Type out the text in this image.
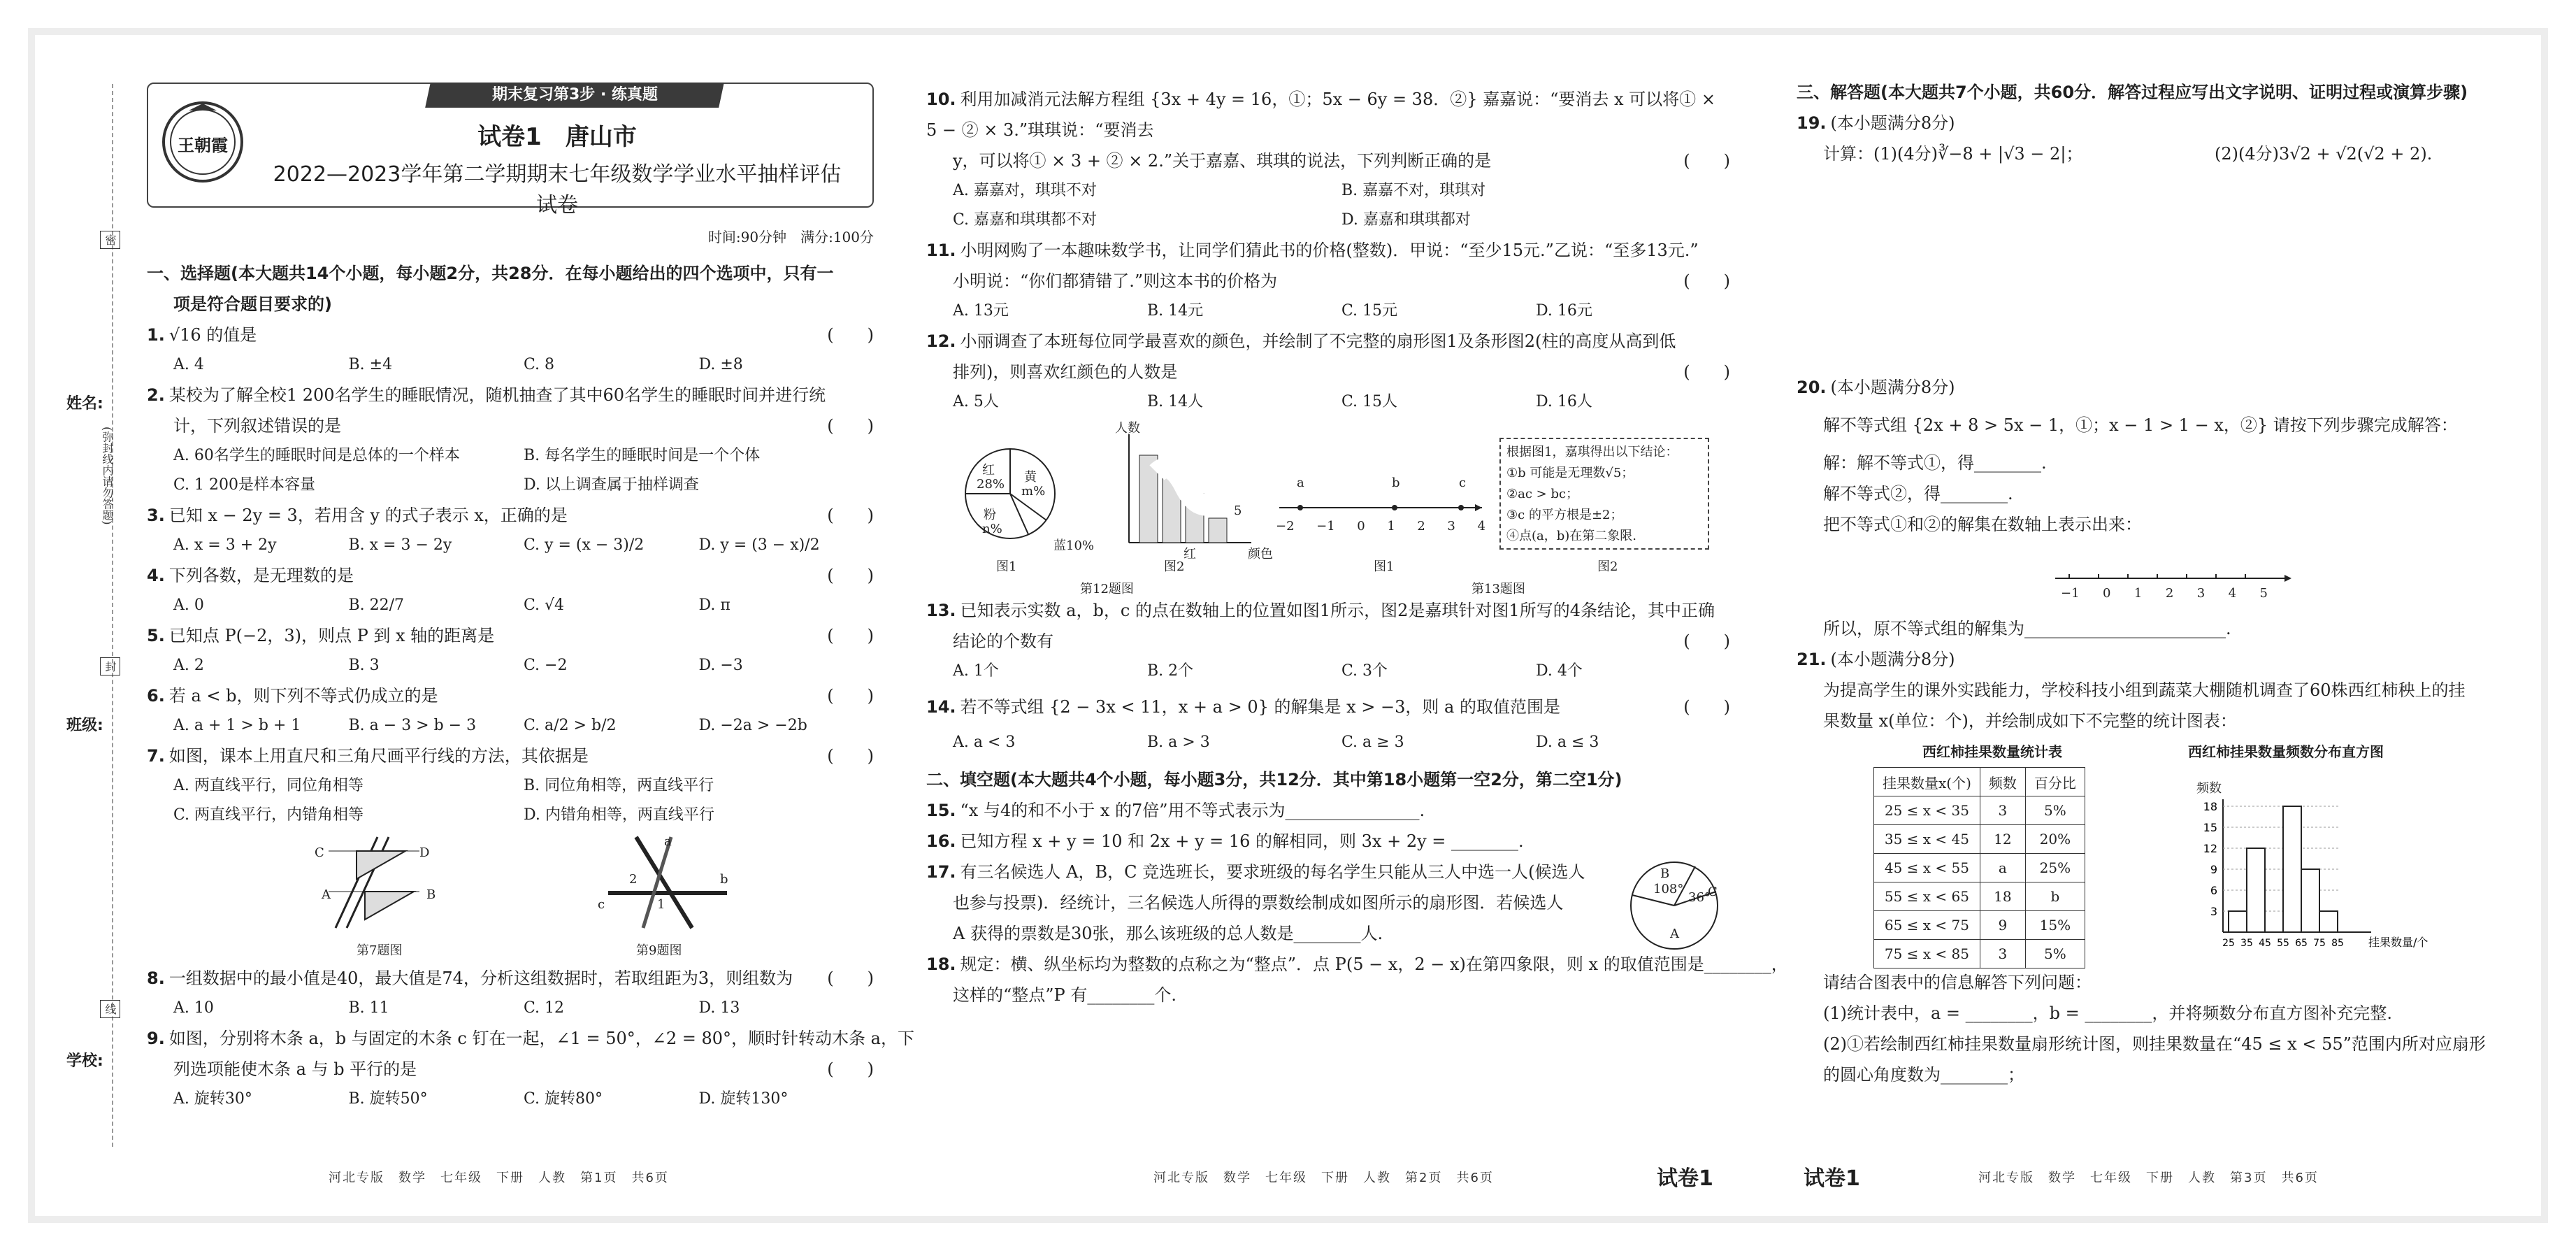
姓名:
班级:
学校:
密
封
线
(弥封线内请勿答题)
王朝霞
期末复习第3步 · 练真题
试卷1　唐山市
2022—2023学年第二学期期末七年级数学学业水平抽样评估试卷
时间:90分钟　满分:100分
一、选择题(本大题共14个小题，每小题2分，共28分．在每小题给出的四个选项中，只有一
项是符合题目要求的)
1. √16 的值是	(　　)
A. 4	B. ±4	C. 8	D. ±8
2. 某校为了解全校1 200名学生的睡眠情况，随机抽查了其中60名学生的睡眠时间并进行统
计，下列叙述错误的是	(　　)
A. 60名学生的睡眠时间是总体的一个样本	B. 每名学生的睡眠时间是一个个体
C. 1 200是样本容量	D. 以上调查属于抽样调查
3. 已知 x − 2y = 3，若用含 y 的式子表示 x，正确的是	(　　)
A. x = 3 + 2y	B. x = 3 − 2y	C. y = (x − 3)/2	D. y = (3 − x)/2
4. 下列各数，是无理数的是	(　　)
A. 0	B. 22/7	C. √4	D. π
5. 已知点 P(−2，3)，则点 P 到 x 轴的距离是	(　　)
A. 2	B. 3	C. −2	D. −3
6. 若 a < b，则下列不等式仍成立的是	(　　)
A. a + 1 > b + 1	B. a − 3 > b − 3	C. a/2 > b/2	D. −2a > −2b
7. 如图，课本上用直尺和三角尺画平行线的方法，其依据是	(　　)
A. 两直线平行，同位角相等	B. 同位角相等，两直线平行
C. 两直线平行，内错角相等	D. 内错角相等，两直线平行
C	D
A	B
第7题图
a
b
c	1
2
第9题图
8. 一组数据中的最小值是40，最大值是74，分析这组数据时，若取组距为3，则组数为 (　　)
A. 10	B. 11	C. 12	D. 13
9. 如图，分别将木条 a，b 与固定的木条 c 钉在一起，∠1 = 50°，∠2 = 80°，顺时针转动木条 a，下
列选项能使木条 a 与 b 平行的是	(　　)
A. 旋转30°	B. 旋转50°	C. 旋转80°	D. 旋转130°
河北专版　数学　七年级　下册　人教　第1页　共6页
10. 利用加减消元法解方程组 {3x + 4y = 16，①；5x − 6y = 38．②} 嘉嘉说：“要消去 x 可以将① × 5 − ② × 3.”琪琪说：“要消去
y，可以将① × 3 + ② × 2.”关于嘉嘉、琪琪的说法，下列判断正确的是	(　　)
A. 嘉嘉对，琪琪不对	B. 嘉嘉不对，琪琪对
C. 嘉嘉和琪琪都不对	D. 嘉嘉和琪琪都对
11. 小明网购了一本趣味数学书，让同学们猜此书的价格(整数)．甲说：“至少15元.”乙说：“至多13元.”
小明说：“你们都猜错了.”则这本书的价格为	(　　)
A. 13元	B. 14元	C. 15元	D. 16元
12. 小丽调查了本班每位同学最喜欢的颜色，并绘制了不完整的扇形图1及条形图2(柱的高度从高到低
排列)，则喜欢红颜色的人数是	(　　)
A. 5人	B. 14人	C. 15人	D. 16人
红
28% 黄
m%
粉
n%
蓝10%
图1
人数
5
红	颜色
图2
第12题图
a	b	c
−2 −1 0 1 2 3 4
图1
根据图1，嘉琪得出以下结论：
①b 可能是无理数√5；
②ac > bc；
③c 的平方根是±2；
④点(a，b)在第二象限.
图2
第13题图
13. 已知表示实数 a，b，c 的点在数轴上的位置如图1所示，图2是嘉琪针对图1所写的4条结论，其中正确
结论的个数有	(　　)
A. 1个	B. 2个	C. 3个	D. 4个
14. 若不等式组 {2 − 3x < 11，x + a > 0} 的解集是 x > −3，则 a 的取值范围是	(　　)
A. a < 3	B. a > 3	C. a ≥ 3	D. a ≤ 3
二、填空题(本大题共4个小题，每小题3分，共12分．其中第18小题第一空2分，第二空1分)
15. “x 与4的和不小于 x 的7倍”用不等式表示为________________.
16. 已知方程 x + y = 10 和 2x + y = 16 的解相同，则 3x + 2y = ________.
17. 有三名候选人 A，B，C 竞选班长，要求班级的每名学生只能从三人中选一人(候选人
也参与投票)．经统计，三名候选人所得的票数绘制成如图所示的扇形图．若候选人
A 获得的票数是30张，那么该班级的总人数是________人.
B
108°
36°
C
A
18. 规定：横、纵坐标均为整数的点称之为“整点”．点 P(5 − x，2 − x)在第四象限，则 x 的取值范围是________，
这样的“整点”P 有________个.
河北专版　数学　七年级　下册　人教　第2页　共6页	试卷1
三、解答题(本大题共7个小题，共60分．解答过程应写出文字说明、证明过程或演算步骤)
19. (本小题满分8分)
计算：(1)(4分)∛−8 + |√3 − 2|；	(2)(4分)3√2 + √2(√2 + 2).
20. (本小题满分8分)
解不等式组 {2x + 8 > 5x − 1，①；x − 1 > 1 − x，②} 请按下列步骤完成解答：
解：解不等式①，得________.
解不等式②，得________.
把不等式①和②的解集在数轴上表示出来：
−1 0 1 2 3 4 5
所以，原不等式组的解集为________________________.
21. (本小题满分8分)
为提高学生的课外实践能力，学校科技小组到蔬菜大棚随机调查了60株西红柿秧上的挂
果数量 x(单位：个)，并绘制成如下不完整的统计图表：
西红柿挂果数量统计表
挂果数量x(个)	频数	百分比
25 ≤ x < 35	3	5%
35 ≤ x < 45	12	20%
45 ≤ x < 55	a	25%
55 ≤ x < 65	18	b
65 ≤ x < 75	9	15%
75 ≤ x < 85	3	5%
西红柿挂果数量频数分布直方图
频数
3
6
9
12
15
18
25 35 45 55 65 75 85 挂果数量/个
请结合图表中的信息解答下列问题：
(1)统计表中，a = ________，b = ________，并将频数分布直方图补充完整.
(2)①若绘制西红柿挂果数量扇形统计图，则挂果数量在“45 ≤ x < 55”范围内所对应扇形
的圆心角度数为________；
试卷1	河北专版　数学　七年级　下册　人教　第3页　共6页
